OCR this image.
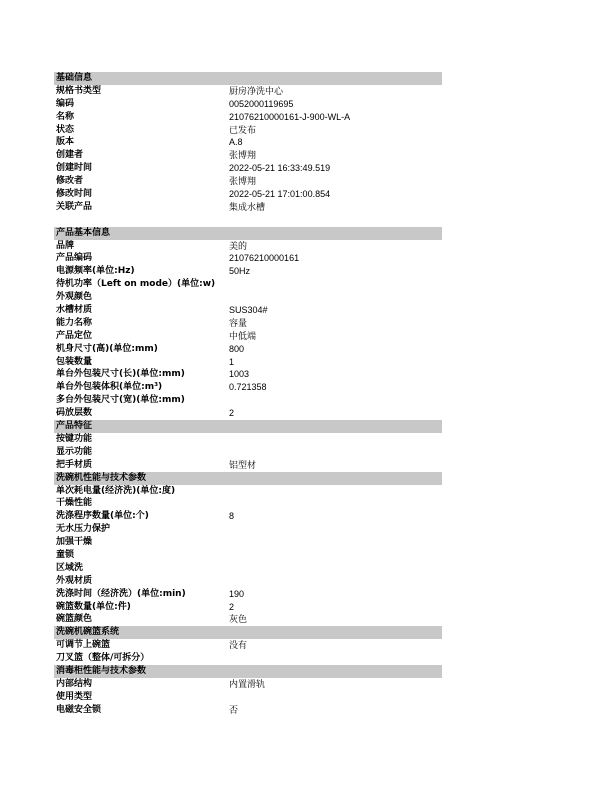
基础信息
规格书类型	厨房净洗中心
编码	0052000119695
名称	21076210000161-J-900-WL-A
状态	已发布
版本	A.8
创建者	张博翔
创建时间	2022-05-21 16:33:49.519
修改者	张博翔
修改时间	2022-05-21 17:01:00.854
关联产品	集成水槽
产品基本信息
品牌	美的
产品编码	21076210000161
电源频率(单位:Hz)	50Hz
待机功率（Left on mode）(单位:w)
外观颜色
水槽材质	SUS304#
能力名称	容量
产品定位	中低端
机身尺寸(高)(单位:mm)	800
包装数量	1
单台外包装尺寸(长)(单位:mm)	1003
单台外包装体积(单位:m³)	0.721358
多台外包装尺寸(宽)(单位:mm)
码放层数	2
产品特征
按键功能
显示功能
把手材质	铝型材
洗碗机性能与技术参数
单次耗电量(经济洗)(单位:度)
干燥性能
洗涤程序数量(单位:个)	8
无水压力保护
加强干燥
童锁
区域洗
外观材质
洗涤时间（经济洗）(单位:min)	190
碗篮数量(单位:件)	2
碗篮颜色	灰色
洗碗机碗篮系统
可调节上碗篮	没有
刀叉篮（整体/可拆分）
消毒柜性能与技术参数
内部结构	内置滑轨
使用类型
电磁安全锁	否
